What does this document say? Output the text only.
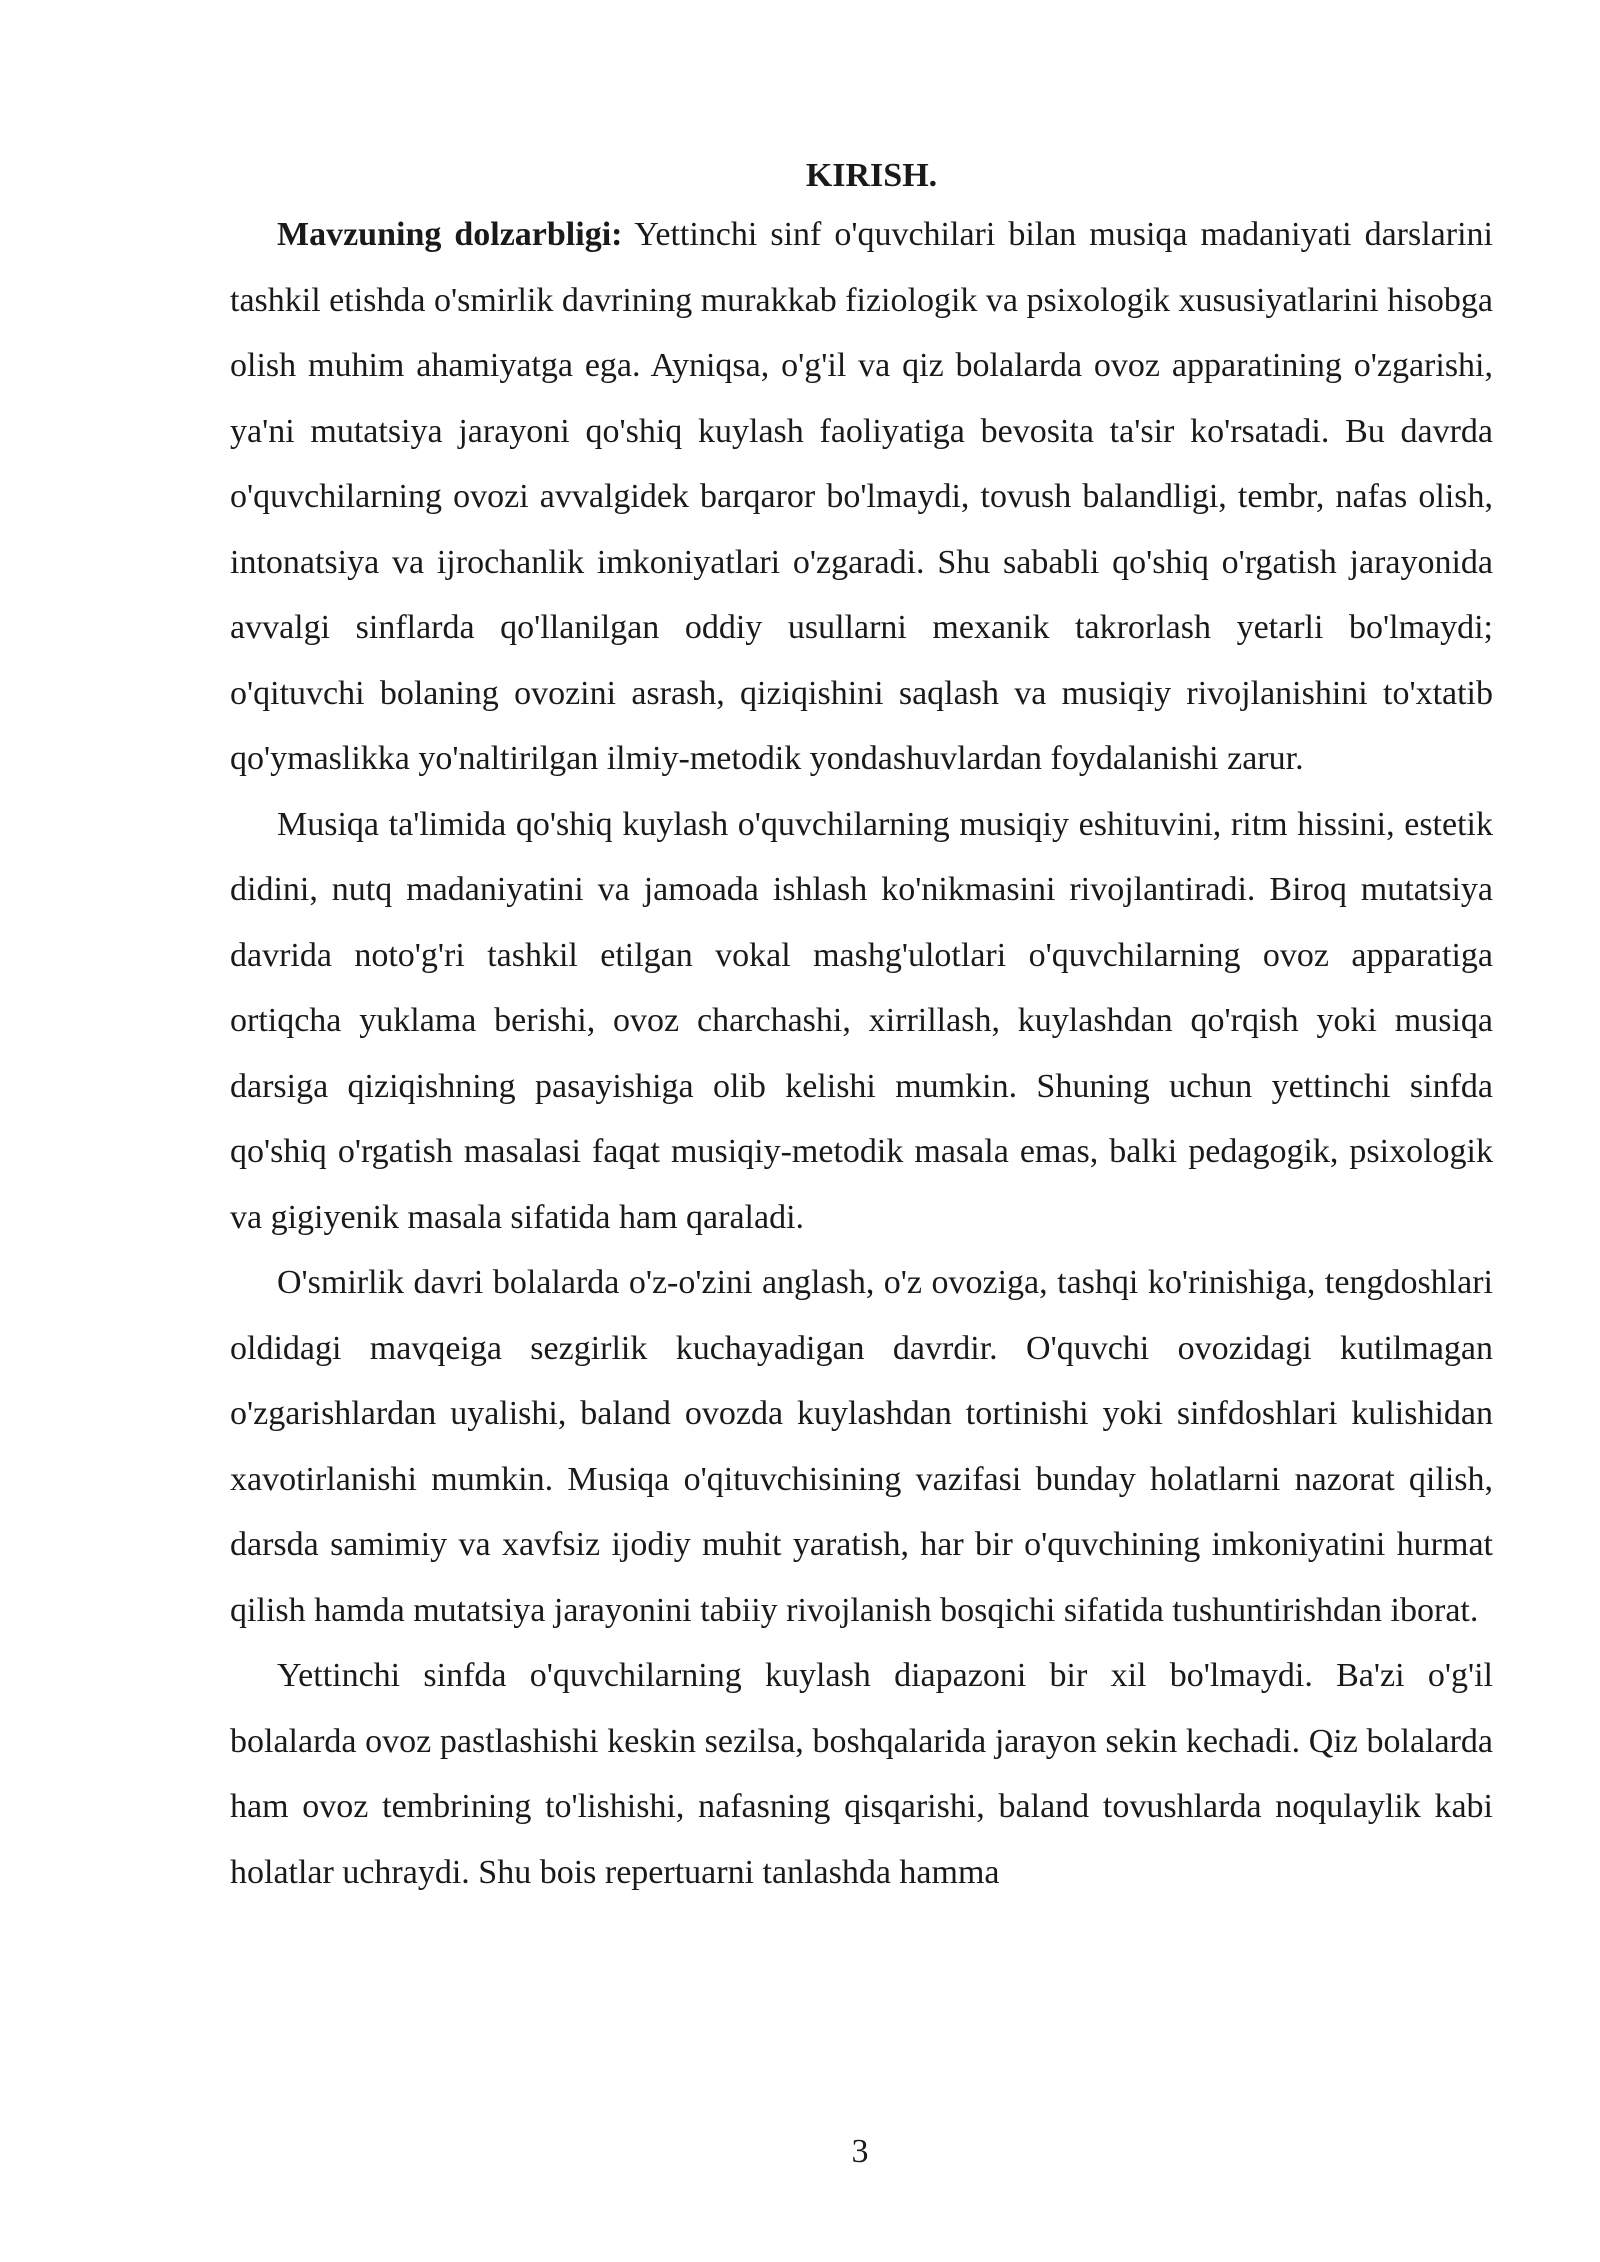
KIRISH.

Mavzuning dolzarbligi: Yettinchi sinf o'quvchilari bilan musiqa madaniyati darslarini tashkil etishda o'smirlik davrining murakkab fiziologik va psixologik xususiyatlarini hisobga olish muhim ahamiyatga ega. Ayniqsa, o'g'il va qiz bolalarda ovoz apparatining o'zgarishi, ya'ni mutatsiya jarayoni qo'shiq kuylash faoliyatiga bevosita ta'sir ko'rsatadi. Bu davrda o'quvchilarning ovozi avvalgidek barqaror bo'lmaydi, tovush balandligi, tembr, nafas olish, intonatsiya va ijrochanlik imkoniyatlari o'zgaradi. Shu sababli qo'shiq o'rgatish jarayonida avvalgi sinflarda qo'llanilgan oddiy usullarni mexanik takrorlash yetarli bo'lmaydi; o'qituvchi bolaning ovozini asrash, qiziqishini saqlash va musiqiy rivojlanishini to'xtatib qo'ymaslikka yo'naltirilgan ilmiy-metodik yondashuvlardan foydalanishi zarur.

Musiqa ta'limida qo'shiq kuylash o'quvchilarning musiqiy eshituvini, ritm hissini, estetik didini, nutq madaniyatini va jamoada ishlash ko'nikmasini rivojlantiradi. Biroq mutatsiya davrida noto'g'ri tashkil etilgan vokal mashg'ulotlari o'quvchilarning ovoz apparatiga ortiqcha yuklama berishi, ovoz charchashi, xirrillash, kuylashdan qo'rqish yoki musiqa darsiga qiziqishning pasayishiga olib kelishi mumkin. Shuning uchun yettinchi sinfda qo'shiq o'rgatish masalasi faqat musiqiy-metodik masala emas, balki pedagogik, psixologik va gigiyenik masala sifatida ham qaraladi.

O'smirlik davri bolalarda o'z-o'zini anglash, o'z ovoziga, tashqi ko'rinishiga, tengdoshlari oldidagi mavqeiga sezgirlik kuchayadigan davrdir. O'quvchi ovozidagi kutilmagan o'zgarishlardan uyalishi, baland ovozda kuylashdan tortinishi yoki sinfdoshlari kulishidan xavotirlanishi mumkin. Musiqa o'qituvchisining vazifasi bunday holatlarni nazorat qilish, darsda samimiy va xavfsiz ijodiy muhit yaratish, har bir o'quvchining imkoniyatini hurmat qilish hamda mutatsiya jarayonini tabiiy rivojlanish bosqichi sifatida tushuntirishdan iborat.

Yettinchi sinfda o'quvchilarning kuylash diapazoni bir xil bo'lmaydi. Ba'zi o'g'il bolalarda ovoz pastlashishi keskin sezilsa, boshqalarida jarayon sekin kechadi. Qiz bolalarda ham ovoz tembrining to'lishishi, nafasning qisqarishi, baland tovushlarda noqulaylik kabi holatlar uchraydi. Shu bois repertuarni tanlashda hamma

3
